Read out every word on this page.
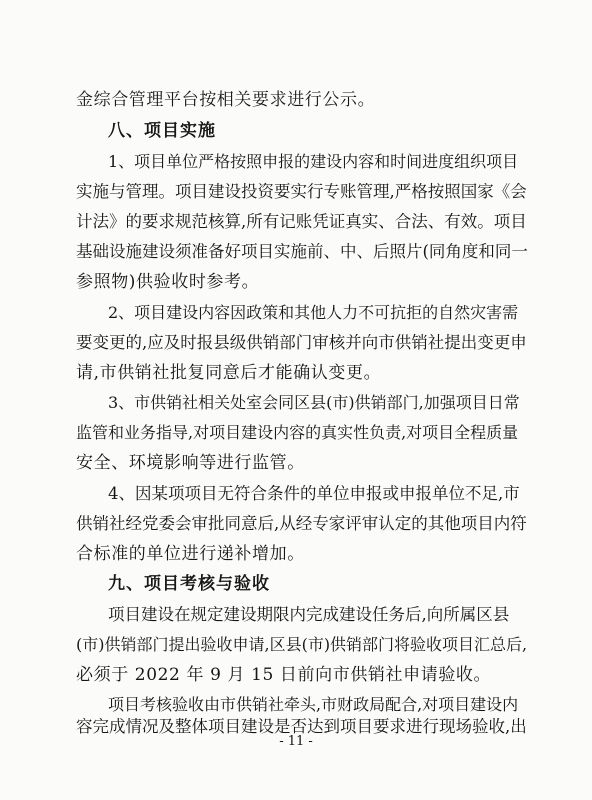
金综合管理平台按相关要求进行公示。
八、项目实施
1、项目单位严格按照申报的建设内容和时间进度组织项目
实施与管理。项目建设投资要实行专账管理,严格按照国家《会
计法》的要求规范核算,所有记账凭证真实、合法、有效。项目
基础设施建设须准备好项目实施前、中、后照片(同角度和同一
参照物)供验收时参考。
2、项目建设内容因政策和其他人力不可抗拒的自然灾害需
要变更的,应及时报县级供销部门审核并向市供销社提出变更申
请,市供销社批复同意后才能确认变更。
3、市供销社相关处室会同区县(市)供销部门,加强项目日常
监管和业务指导,对项目建设内容的真实性负责,对项目全程质量
安全、环境影响等进行监管。
4、因某项项目无符合条件的单位申报或申报单位不足,市
供销社经党委会审批同意后,从经专家评审认定的其他项目内符
合标准的单位进行递补增加。
九、项目考核与验收
项目建设在规定建设期限内完成建设任务后,向所属区县
(市)供销部门提出验收申请,区县(市)供销部门将验收项目汇总后,
必须于 2022 年 9 月 15 日前向市供销社申请验收。
项目考核验收由市供销社牵头,市财政局配合,对项目建设内
容完成情况及整体项目建设是否达到项目要求进行现场验收,出
- 11 -
